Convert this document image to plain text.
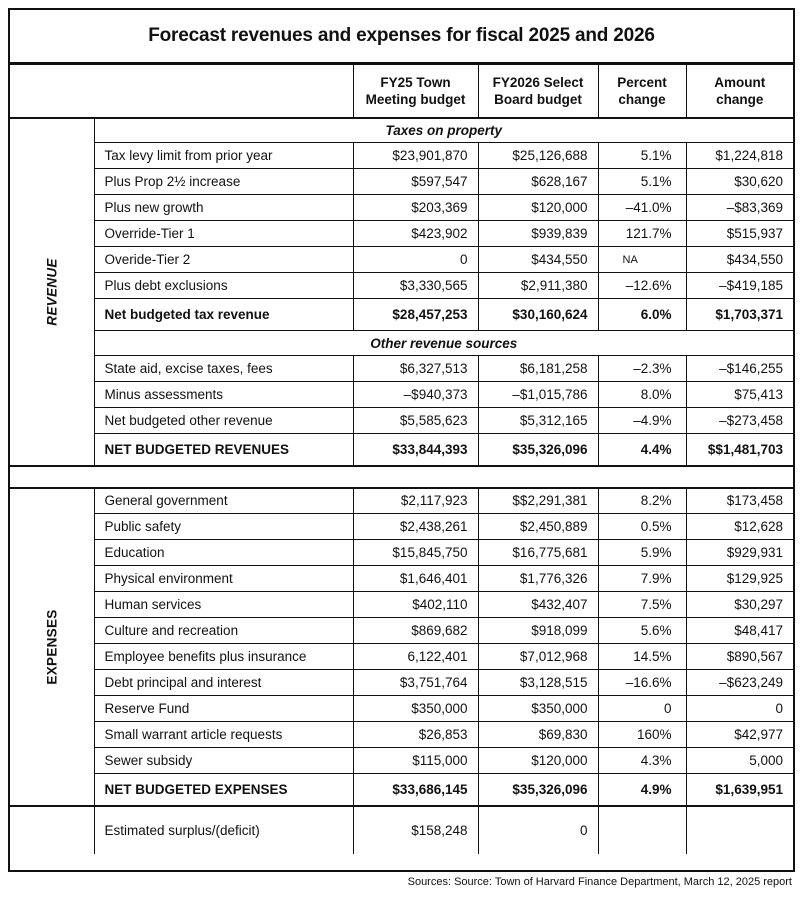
Forecast revenues and expenses for fiscal 2025 and 2026
		FY25 Town Meeting budget	FY2026 Select Board budget	Percent change	Amount change

REVENUE	Taxes on property				
	Tax levy limit from prior year	$23,901,870	$25,126,688	5.1%	$1,224,818
	Plus Prop 2½ increase	$597,547	$628,167	5.1%	$30,620
	Plus new growth	$203,369	$120,000	–41.0%	–$83,369
	Override-Tier 1	$423,902	$939,839	121.7%	$515,937
	Overide-Tier 2	0	$434,550	NA	$434,550
	Plus debt exclusions	$3,330,565	$2,911,380	–12.6%	–$419,185
	Net budgeted tax revenue	$28,457,253	$30,160,624	6.0%	$1,703,371
	Other revenue sources				
	State aid, excise taxes, fees	$6,327,513	$6,181,258	–2.3%	–$146,255
	Minus assessments	–$940,373	–$1,015,786	8.0%	$75,413
	Net budgeted other revenue	$5,585,623	$5,312,165	–4.9%	–$273,458
	NET BUDGETED REVENUES	$33,844,393	$35,326,096	4.4%	$$1,481,703

EXPENSES	General government	$2,117,923	$$2,291,381	8.2%	$173,458
	Public safety	$2,438,261	$2,450,889	0.5%	$12,628
	Education	$15,845,750	$16,775,681	5.9%	$929,931
	Physical environment	$1,646,401	$1,776,326	7.9%	$129,925
	Human services	$402,110	$432,407	7.5%	$30,297
	Culture and recreation	$869,682	$918,099	5.6%	$48,417
	Employee benefits plus insurance	6,122,401	$7,012,968	14.5%	$890,567
	Debt principal and interest	$3,751,764	$3,128,515	–16.6%	–$623,249
	Reserve Fund	$350,000	$350,000	0	0
	Small warrant article requests	$26,853	$69,830	160%	$42,977
	Sewer subsidy	$115,000	$120,000	4.3%	5,000
	NET BUDGETED EXPENSES	$33,686,145	$35,326,096	4.9%	$1,639,951
	Estimated surplus/(deficit)	$158,248	0		
Sources: Source: Town of Harvard Finance Department, March 12, 2025 report
